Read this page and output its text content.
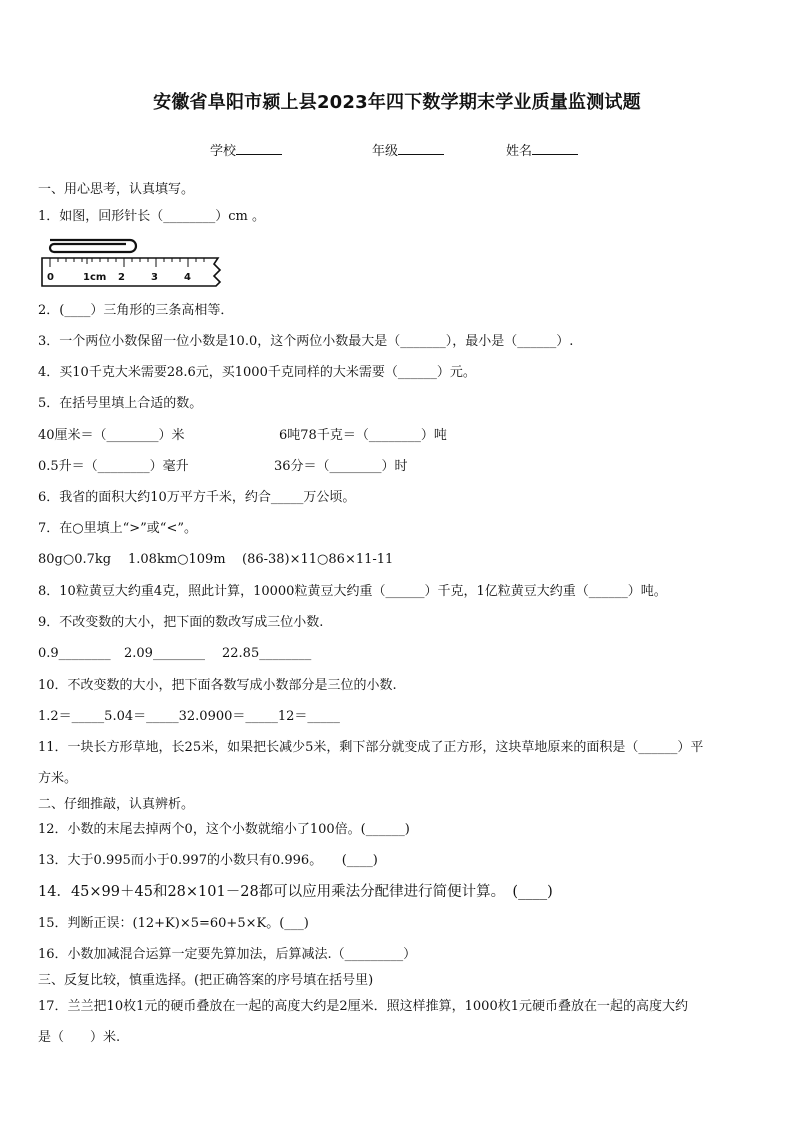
安徽省阜阳市颍上县2023年四下数学期末学业质量监测试题
学校	年级	姓名
一、用心思考，认真填写。
1．如图，回形针长（________）cm 。
0	1cm 2	3	4
2．(____）三角形的三条高相等．
3．一个两位小数保留一位小数是10.0，这个两位小数最大是（_______），最小是（______）.
4．买10千克大米需要28.6元，买1000千克同样的大米需要（______）元。
5．在括号里填上合适的数。
40厘米＝（________）米	6吨78千克＝（________）吨
0.5升＝（________）毫升	36分＝（________）时
6．我省的面积大约10万平方千米，约合_____万公顷。
7．在○里填上“>”或“<”。
80g○0.7kg 1.08km○109m (86-38)×11○86×11-11
8．10粒黄豆大约重4克，照此计算，10000粒黄豆大约重（______）千克，1亿粒黄豆大约重（______）吨。
9．不改变数的大小，把下面的数改写成三位小数.
0.9________ 2.09________ 22.85________
10．不改变数的大小，把下面各数写成小数部分是三位的小数.
1.2＝_____5.04＝_____32.0900＝_____12＝_____
11．一块长方形草地，长25米，如果把长减少5米，剩下部分就变成了正方形，这块草地原来的面积是（______）平
方米。
二、仔细推敲，认真辨析。
12．小数的末尾去掉两个0，这个小数就缩小了100倍。(______)
13．大于0.995而小于0.997的小数只有0.996。　　(____)
14．45×99＋45和28×101－28都可以应用乘法分配律进行简便计算。　(____)
15．判断正误：(12+K)×5=60+5×K。(___)
16．小数加减混合运算一定要先算加法，后算减法.（_________）
三、反复比较，慎重选择。(把正确答案的序号填在括号里)
17．兰兰把10枚1元的硬币叠放在一起的高度大约是2厘米．照这样推算，1000枚1元硬币叠放在一起的高度大约
是（　　）米.
